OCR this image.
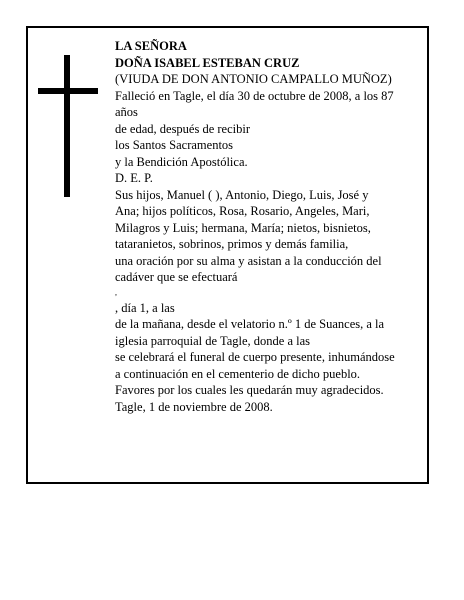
LA SEÑORA
DOÑA ISABEL ESTEBAN CRUZ
(VIUDA DE DON ANTONIO CAMPALLO MUÑOZ)
Falleció en Tagle, el día 30 de octubre de 2008, a los 87
años
de edad, después de recibir
los Santos Sacramentos
y la Bendición Apostólica.
D. E. P.
Sus hijos, Manuel ( ), Antonio, Diego, Luis, José y
Ana; hijos políticos, Rosa, Rosario, Angeles, Mari,
Milagros y Luis; hermana, María; nietos, bisnietos,
tataranietos, sobrinos, primos y demás familia,
una oración por su alma y asistan a la conducción del
cadáver que se efectuará
,
, día 1, a las
de la mañana, desde el velatorio n.º 1 de Suances, a la
iglesia parroquial de Tagle, donde a las
se celebrará el funeral de cuerpo presente, inhumándose
a continuación en el cementerio de dicho pueblo.
Favores por los cuales les quedarán muy agradecidos.
Tagle, 1 de noviembre de 2008.
